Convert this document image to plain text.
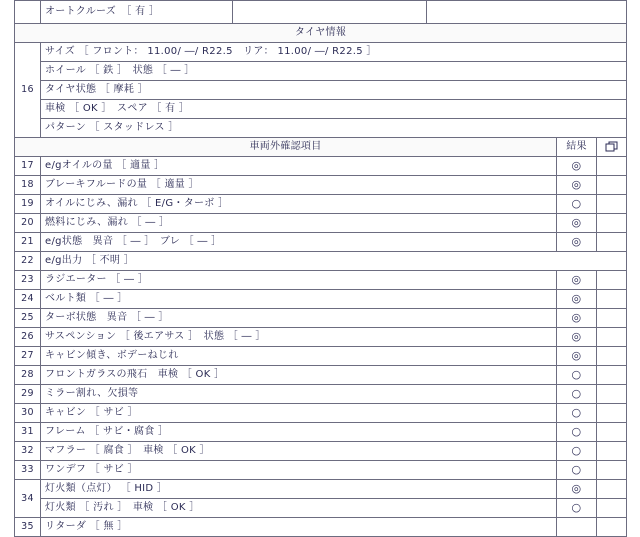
	オートクルーズ　［ 有 ］				
タイヤ情報					
16	サイズ ［ フロント： 11.00/ ―/ R22.5　リア： 11.00/ ―/ R22.5 ］				
	ホイール ［ 鉄 ］　状態 ［ ― ］				
	タイヤ状態 ［ 摩耗 ］				
	車検 ［ OK ］　スペア ［ 有 ］				
	パターン ［ スタッドレス ］				
車両外確認項目				結果	
17	e/gオイルの量 ［ 適量 ］			◎	
18	ブレーキフルードの量 ［ 適量 ］			◎	
19	オイルにじみ、漏れ ［ E/G・ターボ ］			○	
20	燃料にじみ、漏れ ［ ― ］			◎	
21	e/g状態　異音 ［ ― ］　ブレ ［ ― ］			◎	
22	e/g出力 ［ 不明 ］				
23	ラジエーター ［ ― ］			◎	
24	ベルト類 ［ ― ］			◎	
25	ターボ状態　異音 ［ ― ］			◎	
26	サスペンション ［ 後エアサス ］　状態 ［ ― ］			◎	
27	キャビン傾き、ボデーねじれ			◎	
28	フロントガラスの飛石　車検 ［ OK ］			○	
29	ミラー割れ、欠損等			○	
30	キャビン ［ サビ ］			○	
31	フレーム ［ サビ・腐食 ］			○	
32	マフラー ［ 腐食 ］　車検 ［ OK ］			○	
33	ワンデフ ［ サビ ］			○	
34	灯火類（点灯） ［ HID ］			◎	
	灯火類 ［ 汚れ ］　車検 ［ OK ］			○	
35	リターダ ［ 無 ］				
